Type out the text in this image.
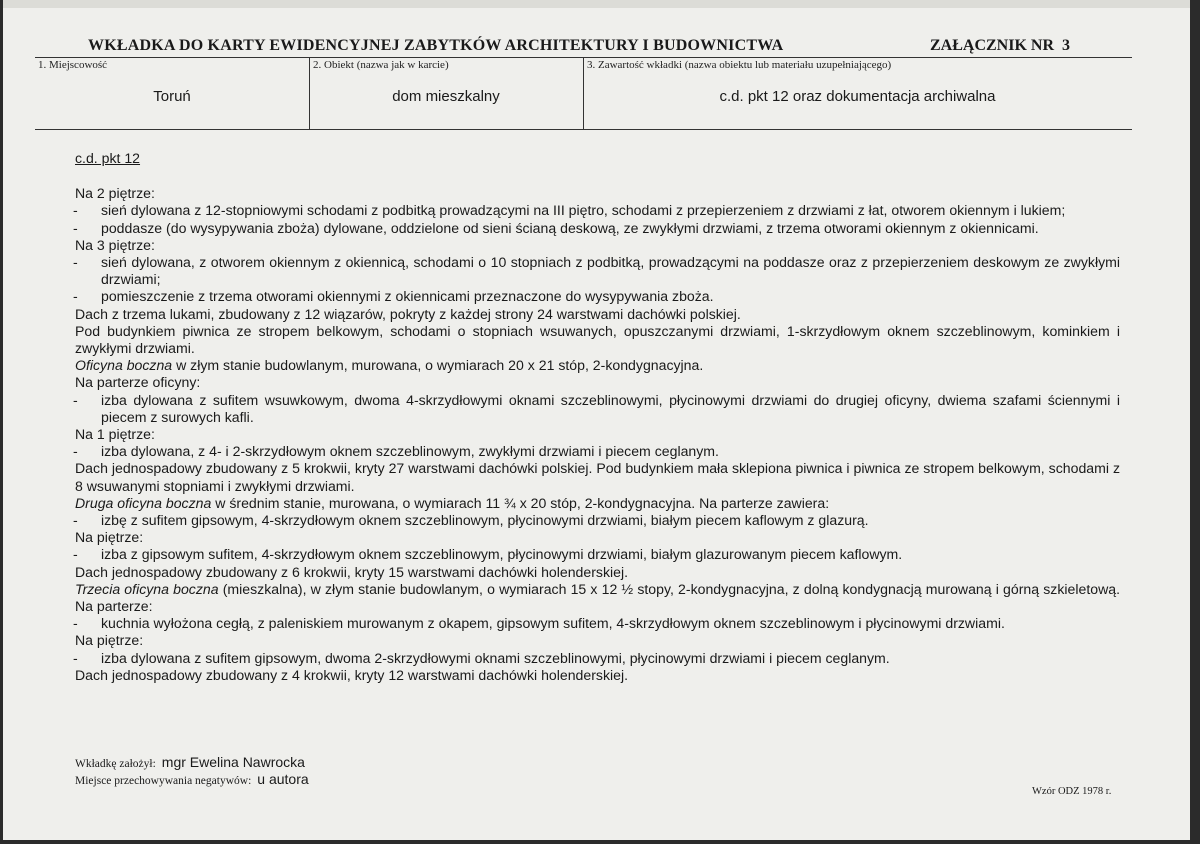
WKŁADKA DO KARTY EWIDENCYJNEJ ZABYTKÓW ARCHITEKTURY I BUDOWNICTWA	ZAŁĄCZNIK NR 3
1. Miejscowość	2. Obiekt (nazwa jak w karcie)	3. Zawartość wkładki (nazwa obiektu lub materiału uzupełniającego)
Toruń	dom mieszkalny	c.d. pkt 12 oraz dokumentacja archiwalna
c.d. pkt 12
Na 2 piętrze:
- sień dylowana z 12-stopniowymi schodami z podbitką prowadzącymi na III piętro, schodami z przepierzeniem z drzwiami z łat, otworem okiennym i lukiem;
- poddasze (do wysypywania zboża) dylowane, oddzielone od sieni ścianą deskową, ze zwykłymi drzwiami, z trzema otworami okiennym z okiennicami.
Na 3 piętrze:
- sień dylowana, z otworem okiennym z okiennicą, schodami o 10 stopniach z podbitką, prowadzącymi na poddasze oraz z przepierzeniem deskowym ze zwykłymi drzwiami;
- pomieszczenie z trzema otworami okiennymi z okiennicami przeznaczone do wysypywania zboża.
Dach z trzema lukami, zbudowany z 12 wiązarów, pokryty z każdej strony 24 warstwami dachówki polskiej.
Pod budynkiem piwnica ze stropem belkowym, schodami o stopniach wsuwanych, opuszczanymi drzwiami, 1-skrzydłowym oknem szczeblinowym, kominkiem i zwykłymi drzwiami.
Oficyna boczna w złym stanie budowlanym, murowana, o wymiarach 20 x 21 stóp, 2-kondygnacyjna.
Na parterze oficyny:
- izba dylowana z sufitem wsuwkowym, dwoma 4-skrzydłowymi oknami szczeblinowymi, płycinowymi drzwiami do drugiej oficyny, dwiema szafami ściennymi i piecem z surowych kafli.
Na 1 piętrze:
- izba dylowana, z 4- i 2-skrzydłowym oknem szczeblinowym, zwykłymi drzwiami i piecem ceglanym.
Dach jednospadowy zbudowany z 5 krokwii, kryty 27 warstwami dachówki polskiej. Pod budynkiem mała sklepiona piwnica i piwnica ze stropem belkowym, schodami z 8 wsuwanymi stopniami i zwykłymi drzwiami.
Druga oficyna boczna w średnim stanie, murowana, o wymiarach 11 ¾ x 20 stóp, 2-kondygnacyjna. Na parterze zawiera:
- izbę z sufitem gipsowym, 4-skrzydłowym oknem szczeblinowym, płycinowymi drzwiami, białym piecem kaflowym z glazurą.
Na piętrze:
- izba z gipsowym sufitem, 4-skrzydłowym oknem szczeblinowym, płycinowymi drzwiami, białym glazurowanym piecem kaflowym.
Dach jednospadowy zbudowany z 6 krokwii, kryty 15 warstwami dachówki holenderskiej.
Trzecia oficyna boczna (mieszkalna), w złym stanie budowlanym, o wymiarach 15 x 12 ½ stopy, 2-kondygnacyjna, z dolną kondygnacją murowaną i górną szkieletową. Na parterze:
- kuchnia wyłożona cegłą, z paleniskiem murowanym z okapem, gipsowym sufitem, 4-skrzydłowym oknem szczeblinowym i płycinowymi drzwiami.
Na piętrze:
- izba dylowana z sufitem gipsowym, dwoma 2-skrzydłowymi oknami szczeblinowymi, płycinowymi drzwiami i piecem ceglanym.
Dach jednospadowy zbudowany z 4 krokwii, kryty 12 warstwami dachówki holenderskiej.
Wkładkę założył: mgr Ewelina Nawrocka
Miejsce przechowywania negatywów: u autora
Wzór ODZ 1978 r.
